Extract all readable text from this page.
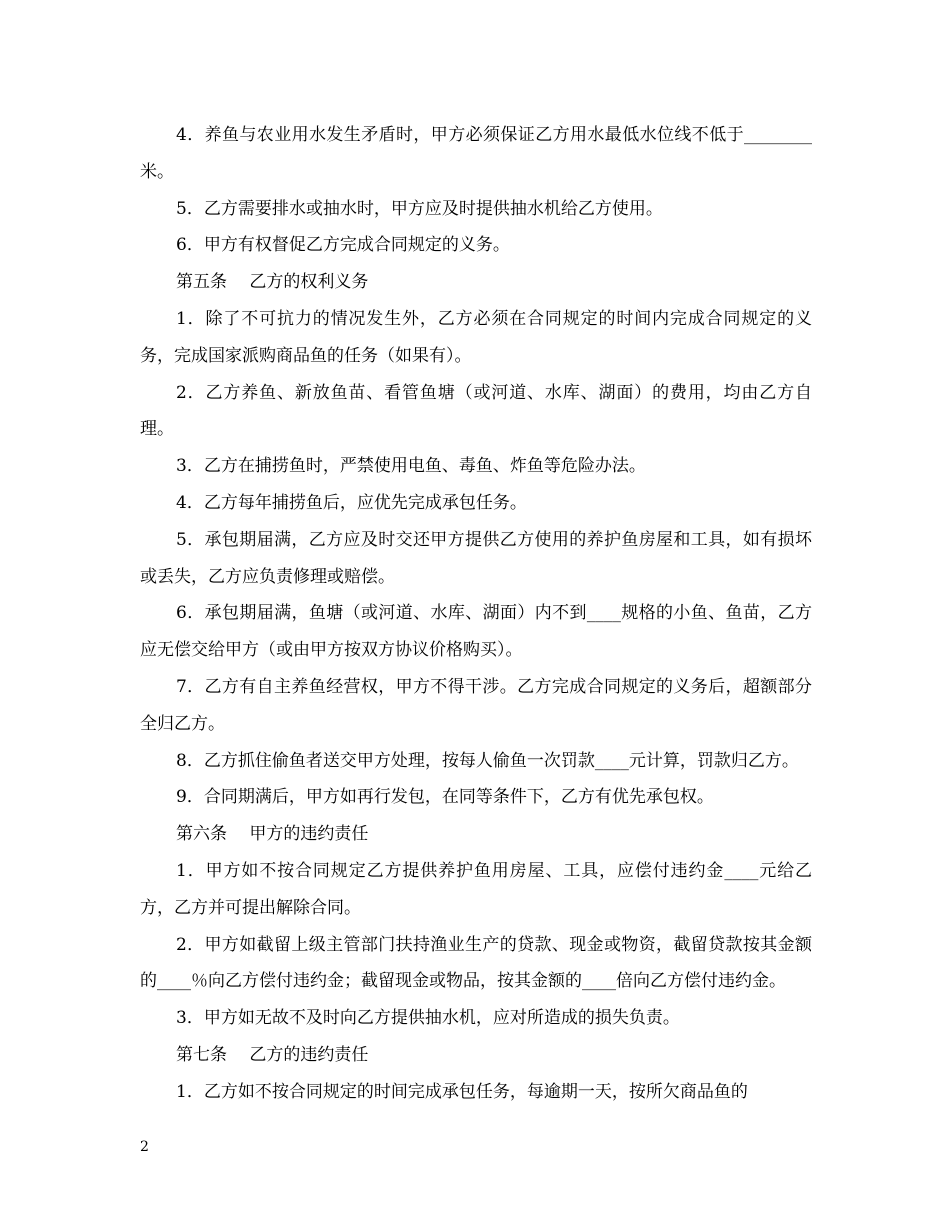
4．养鱼与农业用水发生矛盾时，甲方必须保证乙方用水最低水位线不低于________米。

5．乙方需要排水或抽水时，甲方应及时提供抽水机给乙方使用。

6．甲方有权督促乙方完成合同规定的义务。

第五条　 乙方的权利义务

1．除了不可抗力的情况发生外，乙方必须在合同规定的时间内完成合同规定的义务，完成国家派购商品鱼的任务（如果有）。

2．乙方养鱼、新放鱼苗、看管鱼塘（或河道、水库、湖面）的费用，均由乙方自理。

3．乙方在捕捞鱼时，严禁使用电鱼、毒鱼、炸鱼等危险办法。

4．乙方每年捕捞鱼后，应优先完成承包任务。

5．承包期届满，乙方应及时交还甲方提供乙方使用的养护鱼房屋和工具，如有损坏或丢失，乙方应负责修理或赔偿。

6．承包期届满，鱼塘（或河道、水库、湖面）内不到____规格的小鱼、鱼苗，乙方应无偿交给甲方（或由甲方按双方协议价格购买）。

7．乙方有自主养鱼经营权，甲方不得干涉。乙方完成合同规定的义务后，超额部分全归乙方。

8．乙方抓住偷鱼者送交甲方处理，按每人偷鱼一次罚款____元计算，罚款归乙方。

9．合同期满后，甲方如再行发包，在同等条件下，乙方有优先承包权。

第六条　 甲方的违约责任

1．甲方如不按合同规定乙方提供养护鱼用房屋、工具，应偿付违约金____元给乙方，乙方并可提出解除合同。

2．甲方如截留上级主管部门扶持渔业生产的贷款、现金或物资，截留贷款按其金额的____％向乙方偿付违约金；截留现金或物品，按其金额的____倍向乙方偿付违约金。

3．甲方如无故不及时向乙方提供抽水机，应对所造成的损失负责。

第七条　 乙方的违约责任

1．乙方如不按合同规定的时间完成承包任务，每逾期一天，按所欠商品鱼的

2
